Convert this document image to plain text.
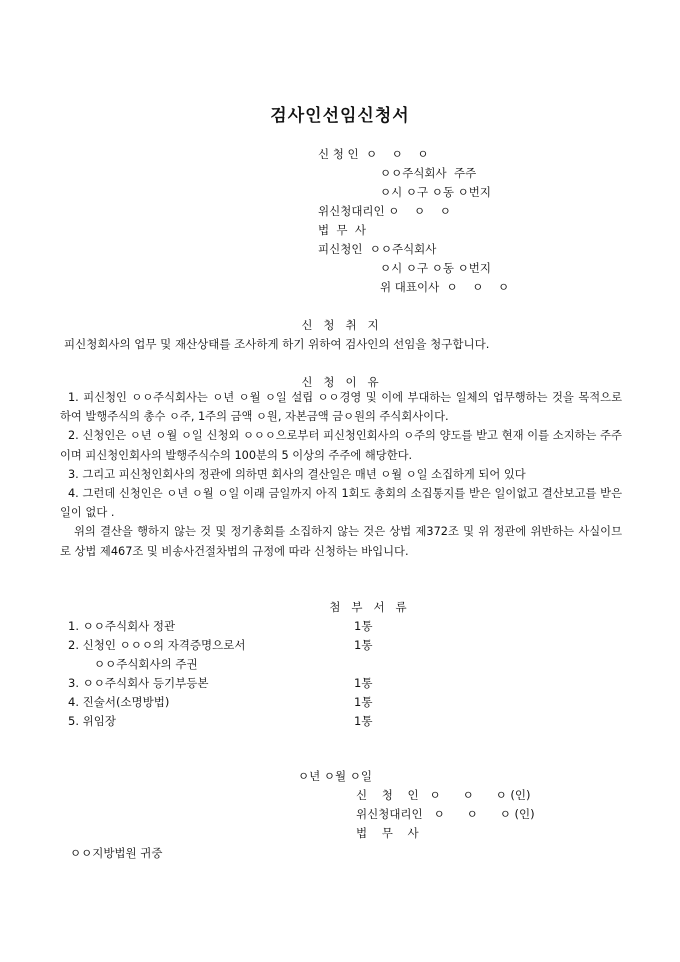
검사인선임신청서
신 청 인  ㅇ    ㅇ    ㅇ
ㅇㅇ주식회사  주주
ㅇ시 ㅇ구 ㅇ동 ㅇ번지
위신청대리인 ㅇ    ㅇ    ㅇ
법  무  사
피신청인  ㅇㅇ주식회사
ㅇ시 ㅇ구 ㅇ동 ㅇ번지
위 대표이사  ㅇ    ㅇ    ㅇ
신   청   취   지
피신청회사의 업무 및 재산상태를 조사하게 하기 위하여 검사인의 선임을 청구합니다.
신   청   이   유

1. 피신청인 ㅇㅇ주식회사는 ㅇ년 ㅇ월 ㅇ일 설립 ㅇㅇ경영 및 이에 부대하는 일체의 업무행하는 것을 목적으로 하여 발행주식의 총수 ㅇ주, 1주의 금액 ㅇ원, 자본금액 금ㅇ원의 주식회사이다.

2. 신청인은 ㅇ년 ㅇ월 ㅇ일 신청외 ㅇㅇㅇ으로부터 피신청인회사의 ㅇ주의 양도를 받고 현재 이를 소지하는 주주이며 피신청인회사의 발행주식수의 100분의 5 이상의 주주에 해당한다.

3. 그리고 피신청인회사의 정관에 의하면 회사의 결산일은 매년 ㅇ월 ㅇ일 소집하게 되어 있다

4. 그런데 신청인은 ㅇ년 ㅇ월 ㅇ일 이래 금일까지 아직 1회도 총회의 소집통지를 받은 일이없고 결산보고를 받은 일이 없다 .

위의 결산을 행하지 않는 것 및 정기총회를 소집하지 않는 것은 상법 제372조 및 위 정관에 위반하는 사실이므로 상법 제467조 및 비송사건절차법의 규정에 따라 신청하는 바입니다.

첨   부   서   류
1. ㅇㅇ주식회사 정관	1통
2. 신청인 ㅇㅇㅇ의 자격증명으로서	1통
ㅇㅇ주식회사의 주권
3. ㅇㅇ주식회사 등기부등본	1통
4. 진술서(소명방법)	1통
5. 위임장	1통
ㅇ년 ㅇ월 ㅇ일
신    청    인   ㅇ      ㅇ      ㅇ (인)
위신청대리인   ㅇ      ㅇ      ㅇ (인)
법    무    사
ㅇㅇ지방법원 귀중
